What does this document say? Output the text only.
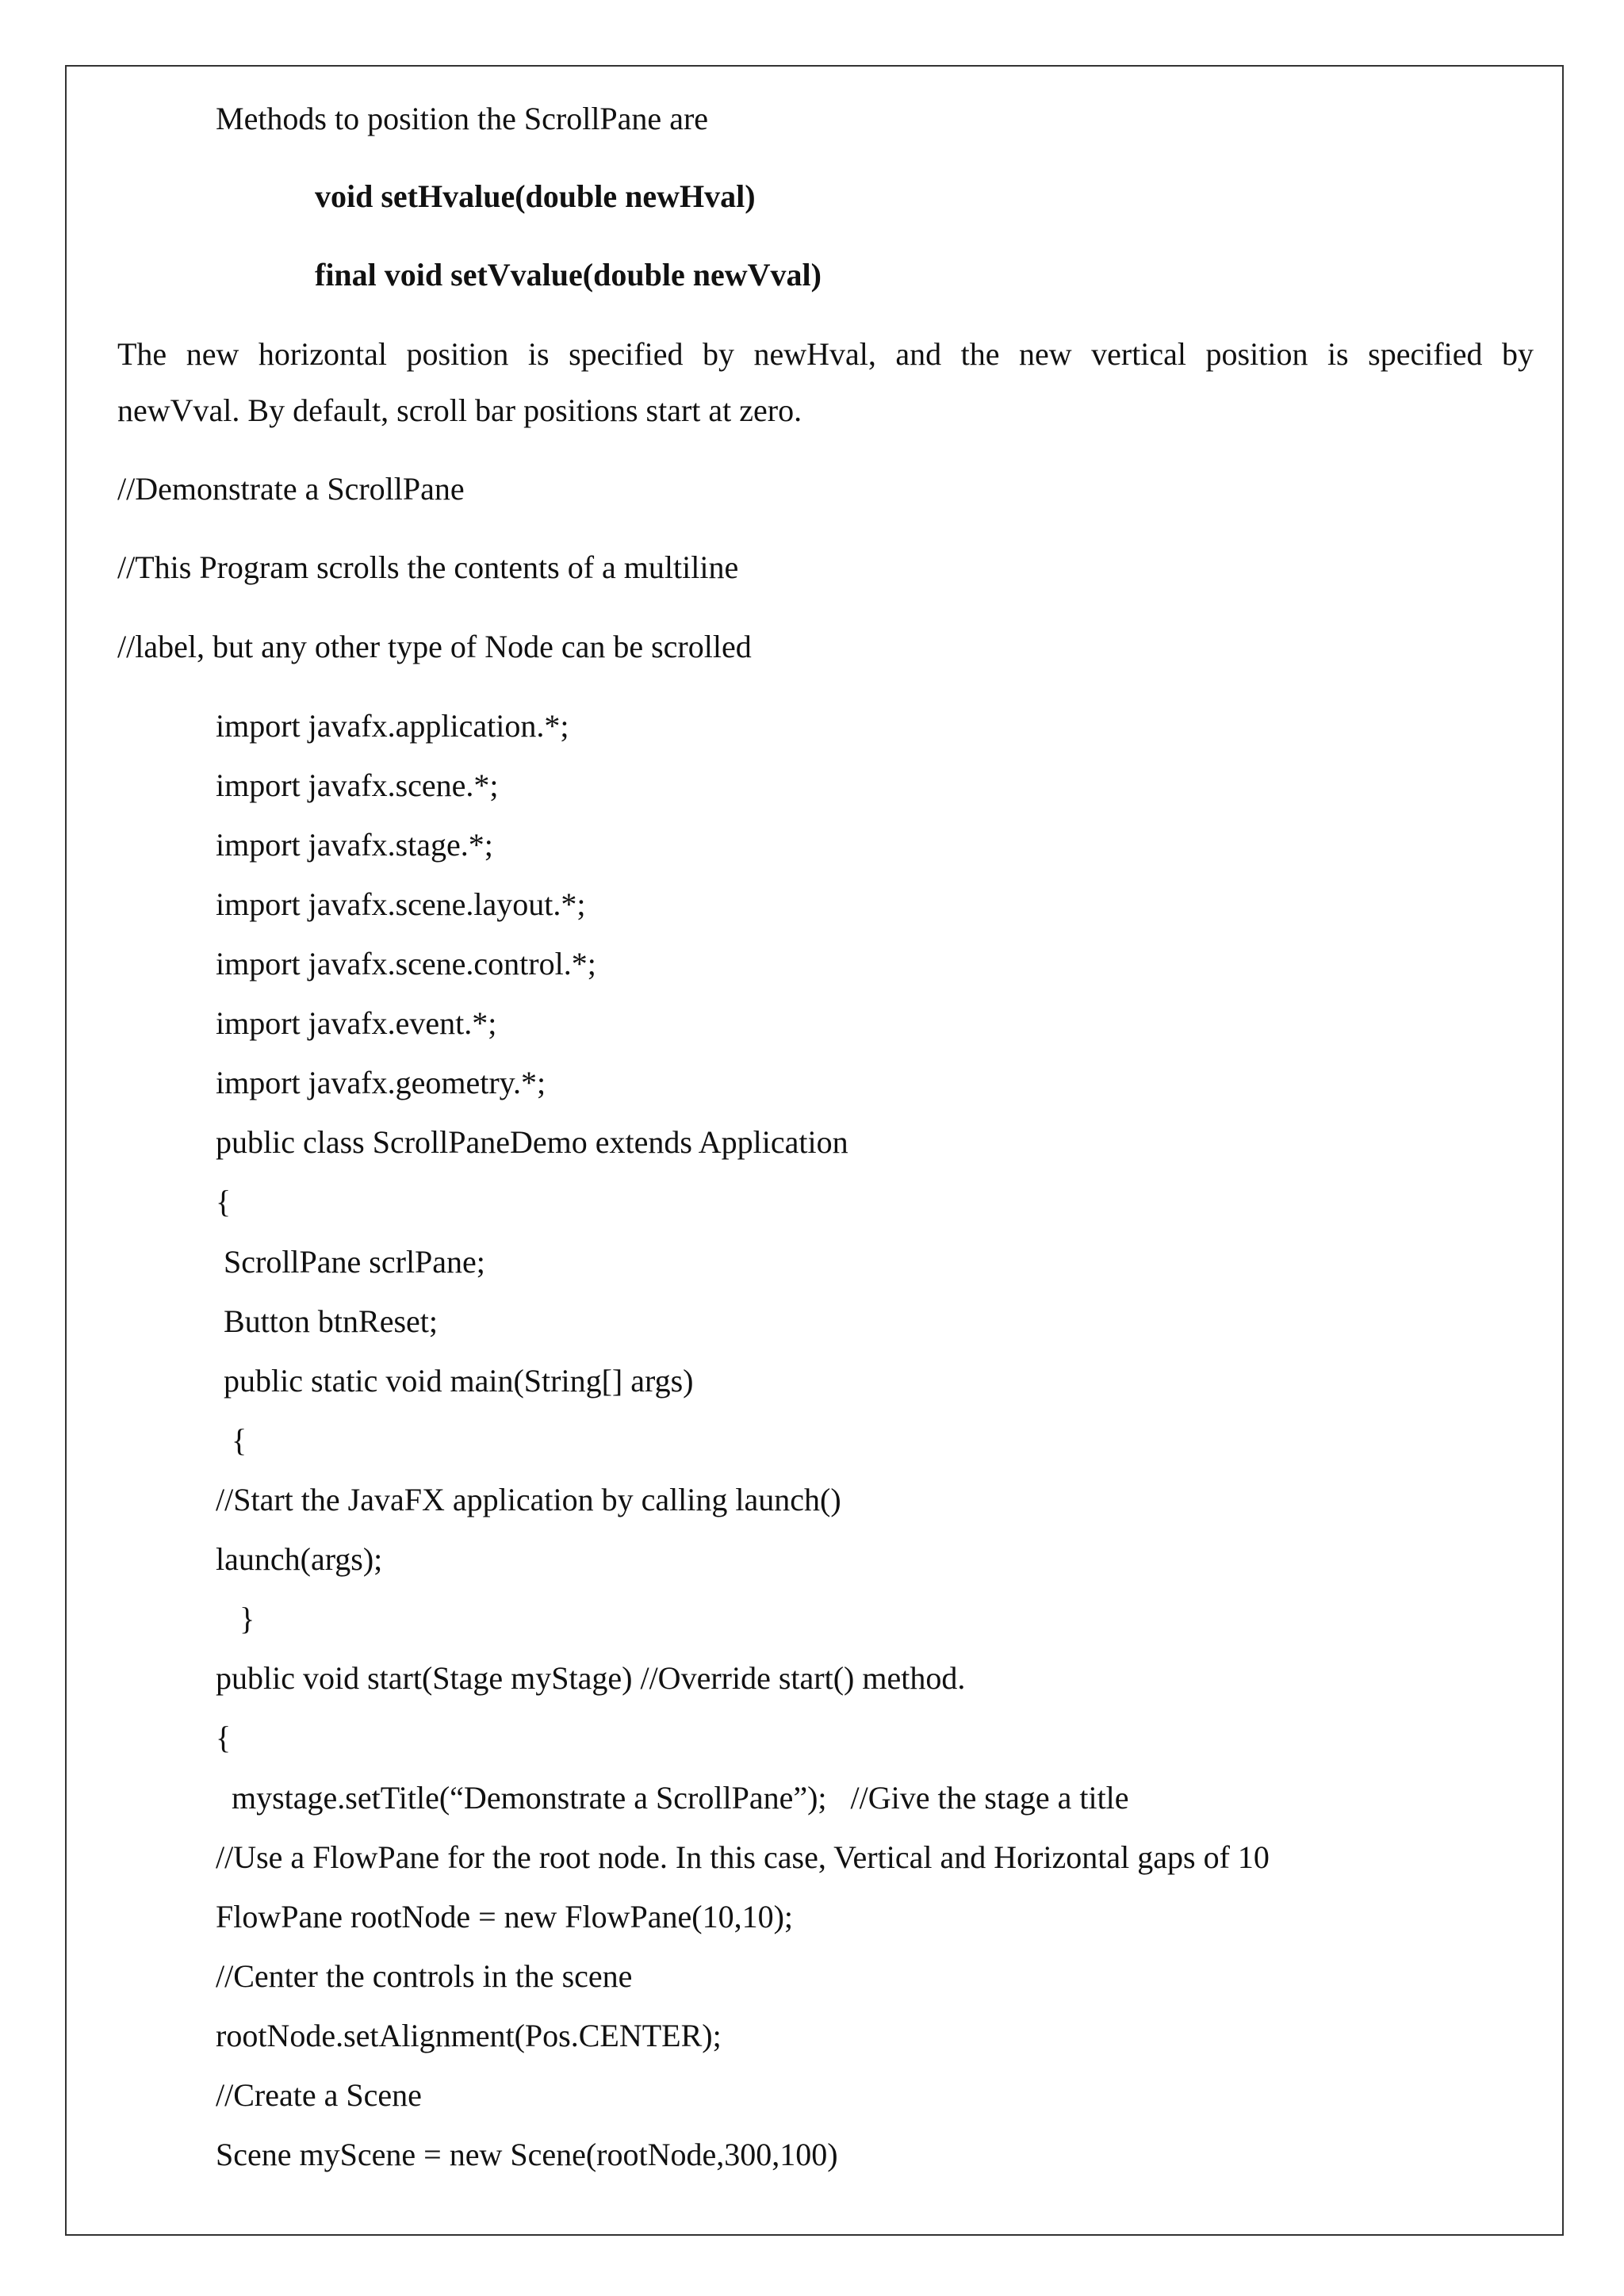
Methods to position the ScrollPane are
void setHvalue(double newHval)
final void setVvalue(double newVval)
The new horizontal position is specified by newHval, and the new vertical position is specified by
newVval. By default, scroll bar positions start at zero.
//Demonstrate a ScrollPane
//This Program scrolls the contents of a multiline
//label, but any other type of Node can be scrolled
import javafx.application.*;
import javafx.scene.*;
import javafx.stage.*;
import javafx.scene.layout.*;
import javafx.scene.control.*;
import javafx.event.*;
import javafx.geometry.*;
public class ScrollPaneDemo extends Application
{
ScrollPane scrlPane;
Button btnReset;
public static void main(String[] args)
{
//Start the JavaFX application by calling launch()
launch(args);
}
public void start(Stage myStage) //Override start() method.
{
mystage.setTitle(“Demonstrate a ScrollPane”);   //Give the stage a title
//Use a FlowPane for the root node. In this case, Vertical and Horizontal gaps of 10
FlowPane rootNode = new FlowPane(10,10);
//Center the controls in the scene
rootNode.setAlignment(Pos.CENTER);
//Create a Scene
Scene myScene = new Scene(rootNode,300,100)
